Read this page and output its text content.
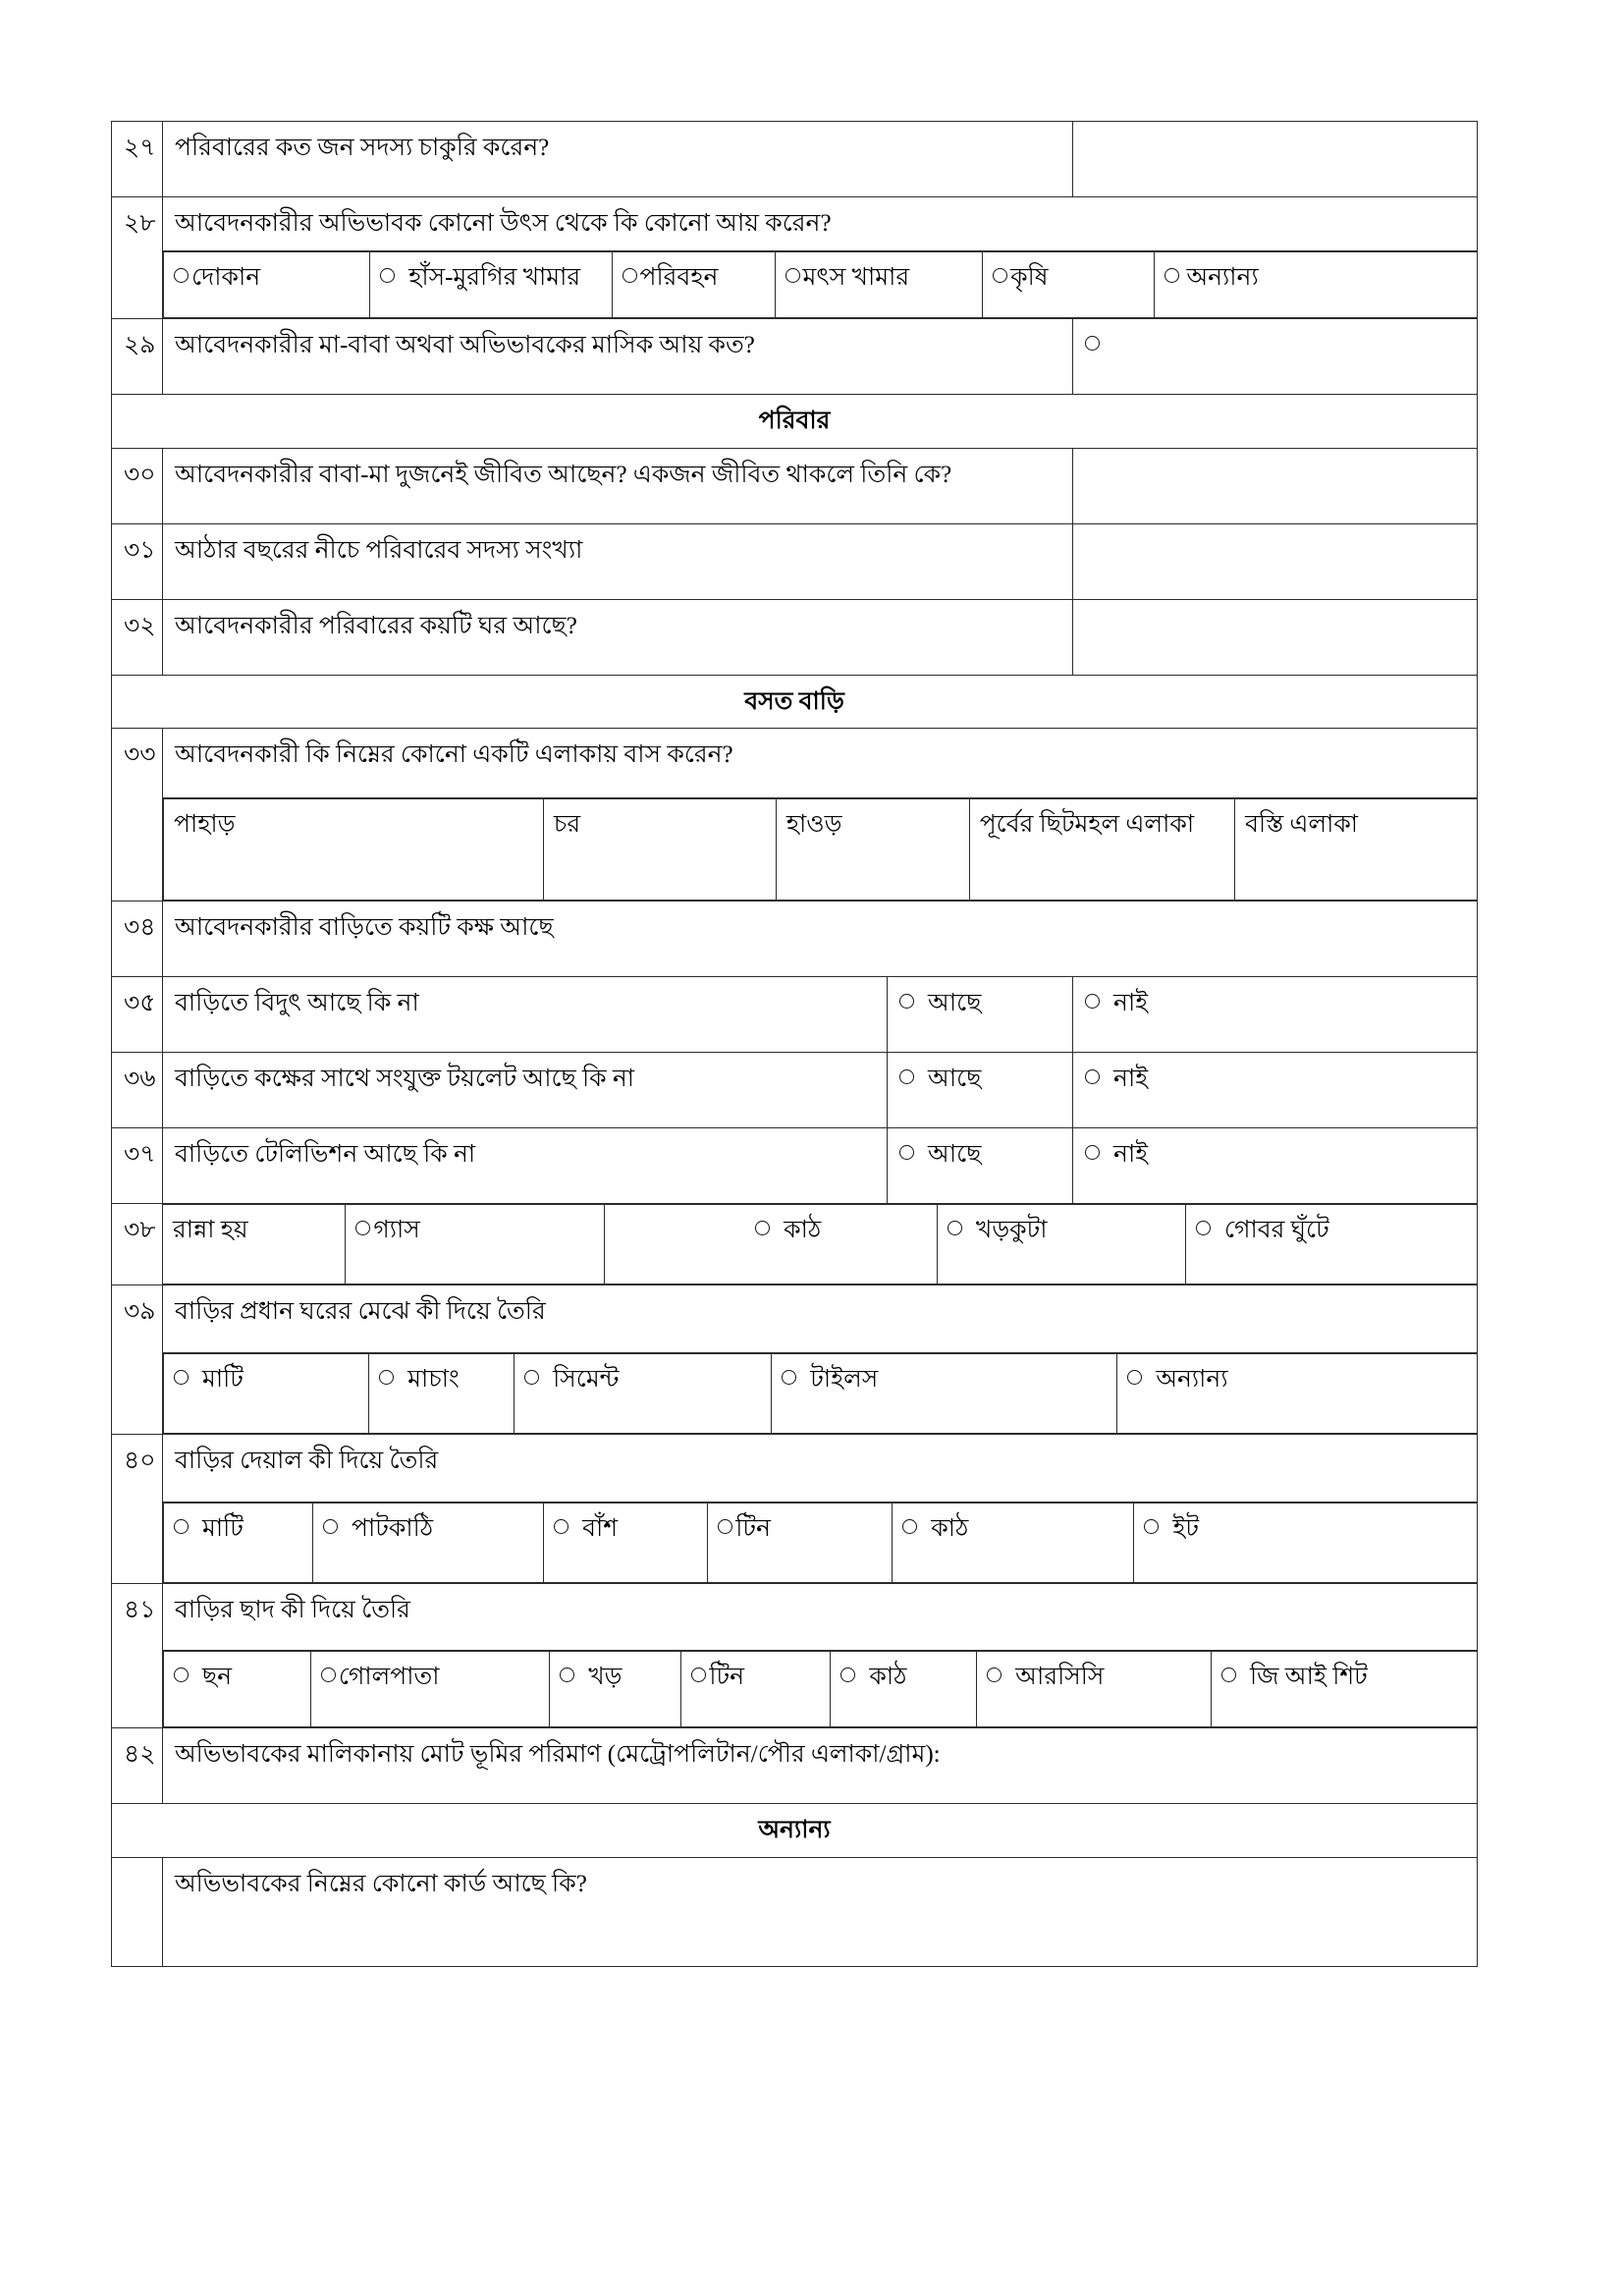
২৭	পরিবারের কত জন সদস্য চাকুরি করেন?	
২৮	আবেদনকারীর অভিভাবক কোনো উৎস থেকে কি কোনো আয় করেন?

দোকান	হাঁস-মুরগির খামার	পরিবহন	মৎস খামার	কৃষি	অন্যান্য

২৯	আবেদনকারীর মা-বাবা অথবা অভিভাবকের মাসিক আয় কত?	
পরিবার
৩০	আবেদনকারীর বাবা-মা দুজনেই জীবিত আছেন? একজন জীবিত থাকলে তিনি কে?	
৩১	আঠার বছরের নীচে পরিবারেব সদস্য সংখ্যা	
৩২	আবেদনকারীর পরিবারের কয়টি ঘর আছে?	
বসত বাড়ি
৩৩	আবেদনকারী কি নিম্নের কোনো একটি এলাকায় বাস করেন?

পাহাড়	চর	হাওড়	পূর্বের ছিটমহল এলাকা	বস্তি এলাকা

৩৪	আবেদনকারীর বাড়িতে কয়টি কক্ষ আছে
৩৫	বাড়িতে বিদুৎ আছে কি না	আছে	নাই
৩৬	বাড়িতে কক্ষের সাথে সংযুক্ত টয়লেট আছে কি না	আছে	নাই
৩৭	বাড়িতে টেলিভিশন আছে কি না	আছে	নাই
৩৮	রান্না হয়	গ্যাস		কাঠ	খড়কুটা	গোবর ঘুঁটে

৩৯	বাড়ির প্রধান ঘরের মেঝে কী দিয়ে তৈরি

মাটি	মাচাং	সিমেন্ট	টাইলস	অন্যান্য

৪০	বাড়ির দেয়াল কী দিয়ে তৈরি

মাটি	পাটকাঠি	বাঁশ	টিন	কাঠ	ইট

৪১	বাড়ির ছাদ কী দিয়ে তৈরি

ছন	গোলপাতা	খড়	টিন	কাঠ	আরসিসি	জি আই শিট

৪২	অভিভাবকের মালিকানায় মোট ভূমির পরিমাণ (মেট্রোপলিটান/পৌর এলাকা/গ্রাম):
অন্যান্য
	অভিভাবকের নিম্নের কোনো কার্ড আছে কি?
